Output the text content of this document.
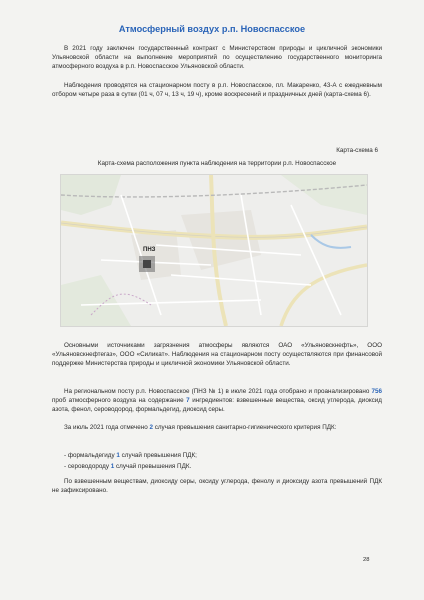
Атмосферный воздух р.п. Новоспасское
В 2021 году заключен государственный контракт с Министерством природы и цикличной экономики Ульяновской области на выполнение мероприятий по осуществлению государственного мониторинга атмосферного воздуха в р.п. Новоспасское Ульяновской области.
Наблюдения проводятся на стационарном посту в р.п. Новоспасское, пл. Макаренко, 43-А с ежедневным отбором четыре раза в сутки (01 ч, 07 ч, 13 ч, 19 ч), кроме воскресений и праздничных дней (карта-схема 6).
Карта-схема 6
Карта-схема расположения пункта наблюдения на территории р.п. Новоспасское
ПНЗ
Основными источниками загрязнения атмосферы являются ОАО «Ульяновскнефть», ООО «Ульяновскнефтегаз», ООО «Силикат». Наблюдения на стационарном посту осуществляются при финансовой поддержке Министерства природы и цикличной экономики Ульяновской области.
На региональном посту р.п. Новоспасское (ПНЗ № 1) в июле 2021 года отобрано и проанализировано 756 проб атмосферного воздуха на содержание 7 ингредиентов: взвешенные вещества, оксид углерода, диоксид азота, фенол, сероводород, формальдегид, диоксид серы.
За июль 2021 года отмечено 2 случая превышения санитарно-гигиенического критерия ПДК:
- формальдегиду 1 случай превышения ПДК;
- сероводороду 1 случай превышения ПДК.
По взвешенным веществам, диоксиду серы, оксиду углерода, фенолу и диоксиду азота превышений ПДК не зафиксировано.
28
